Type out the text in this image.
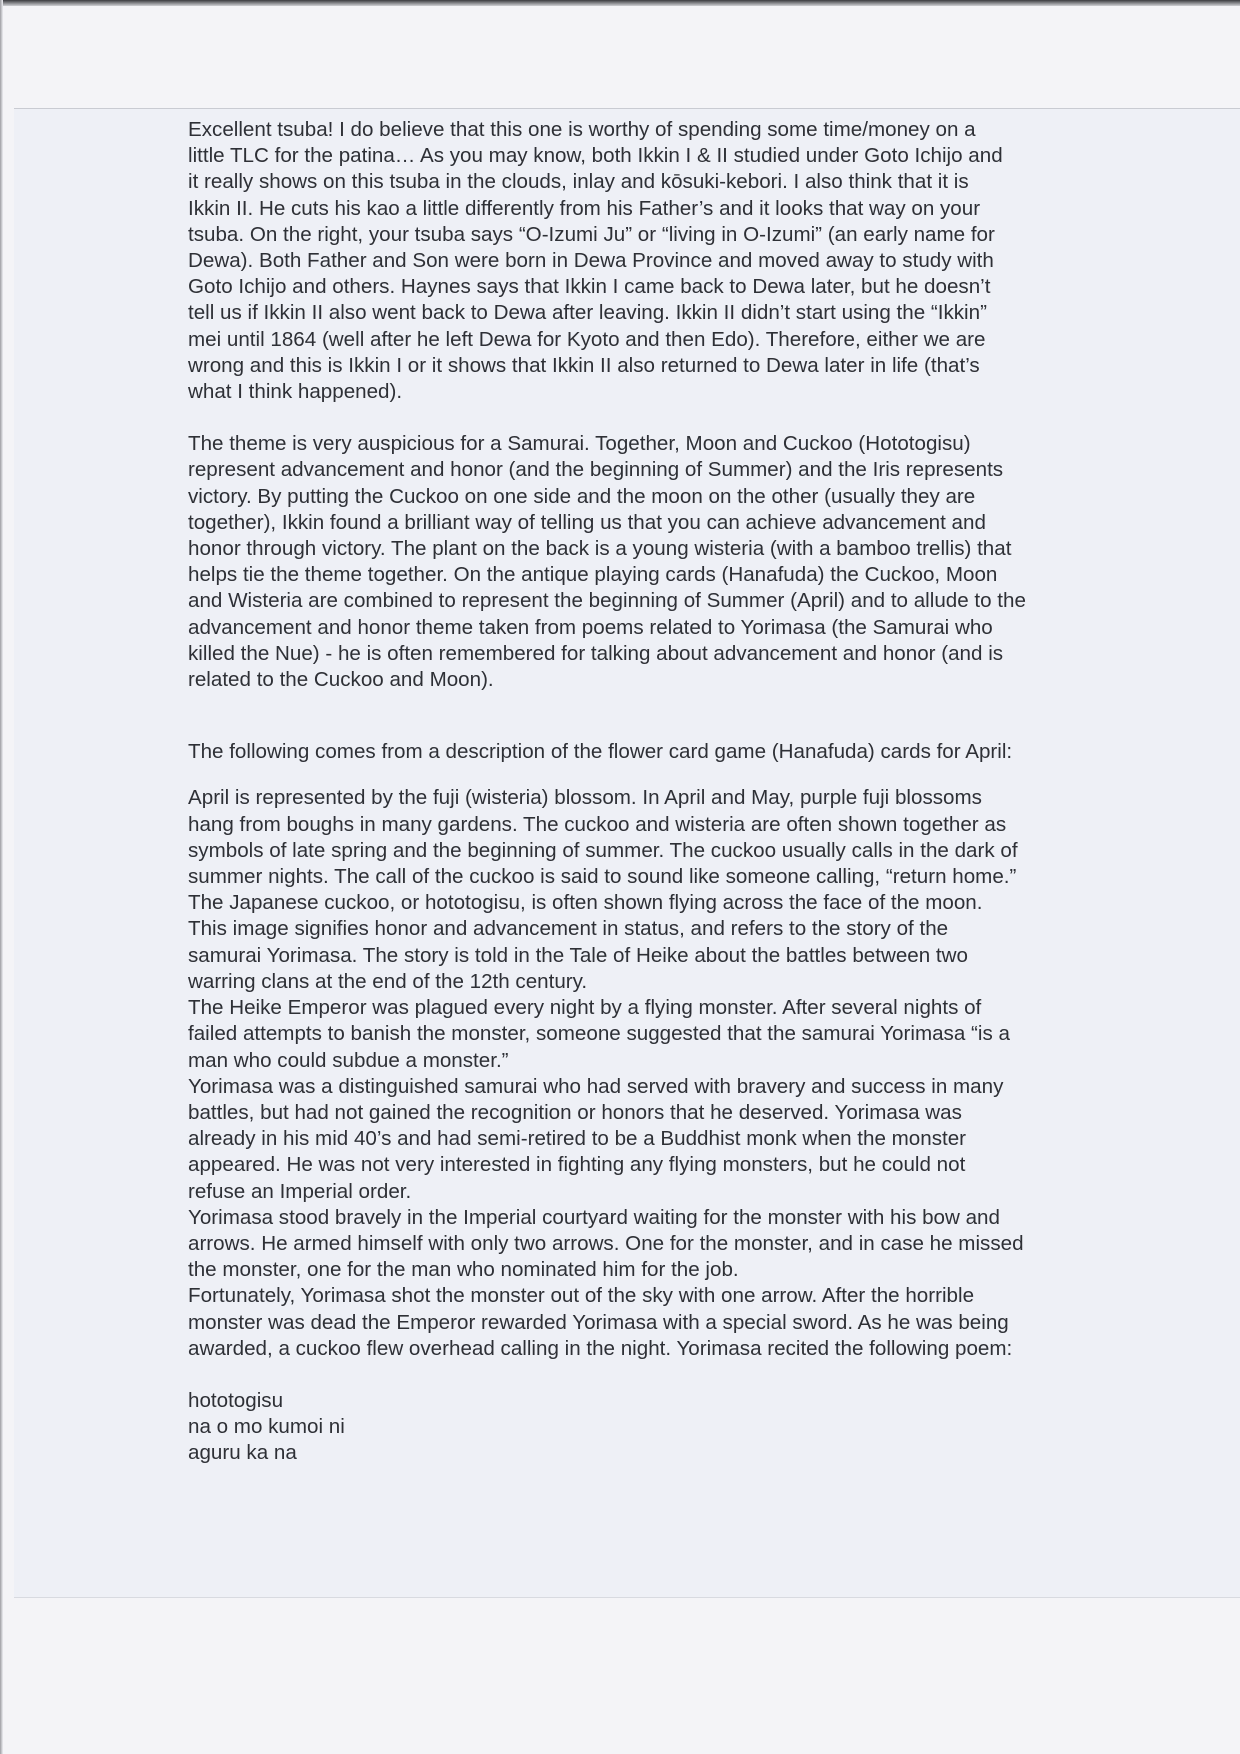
Excellent tsuba! I do believe that this one is worthy of spending some time/money on a

little TLC for the patina… As you may know, both Ikkin I & II studied under Goto Ichijo and

it really shows on this tsuba in the clouds, inlay and kōsuki-kebori. I also think that it is

Ikkin II. He cuts his kao a little differently from his Father’s and it looks that way on your

tsuba. On the right, your tsuba says “O-Izumi Ju” or “living in O-Izumi” (an early name for

Dewa). Both Father and Son were born in Dewa Province and moved away to study with

Goto Ichijo and others. Haynes says that Ikkin I came back to Dewa later, but he doesn’t

tell us if Ikkin II also went back to Dewa after leaving. Ikkin II didn’t start using the “Ikkin”

mei until 1864 (well after he left Dewa for Kyoto and then Edo). Therefore, either we are

wrong and this is Ikkin I or it shows that Ikkin II also returned to Dewa later in life (that’s

what I think happened).

The theme is very auspicious for a Samurai. Together, Moon and Cuckoo (Hototogisu)

represent advancement and honor (and the beginning of Summer) and the Iris represents

victory. By putting the Cuckoo on one side and the moon on the other (usually they are

together), Ikkin found a brilliant way of telling us that you can achieve advancement and

honor through victory. The plant on the back is a young wisteria (with a bamboo trellis) that

helps tie the theme together. On the antique playing cards (Hanafuda) the Cuckoo, Moon

and Wisteria are combined to represent the beginning of Summer (April) and to allude to the

advancement and honor theme taken from poems related to Yorimasa (the Samurai who

killed the Nue) - he is often remembered for talking about advancement and honor (and is

related to the Cuckoo and Moon).

The following comes from a description of the flower card game (Hanafuda) cards for April:

April is represented by the fuji (wisteria) blossom. In April and May, purple fuji blossoms

hang from boughs in many gardens. The cuckoo and wisteria are often shown together as

symbols of late spring and the beginning of summer. The cuckoo usually calls in the dark of

summer nights. The call of the cuckoo is said to sound like someone calling, “return home.”

The Japanese cuckoo, or hototogisu, is often shown flying across the face of the moon.

This image signifies honor and advancement in status, and refers to the story of the

samurai Yorimasa. The story is told in the Tale of Heike about the battles between two

warring clans at the end of the 12th century.

The Heike Emperor was plagued every night by a flying monster. After several nights of

failed attempts to banish the monster, someone suggested that the samurai Yorimasa “is a

man who could subdue a monster.”

Yorimasa was a distinguished samurai who had served with bravery and success in many

battles, but had not gained the recognition or honors that he deserved. Yorimasa was

already in his mid 40’s and had semi-retired to be a Buddhist monk when the monster

appeared. He was not very interested in fighting any flying monsters, but he could not

refuse an Imperial order.

Yorimasa stood bravely in the Imperial courtyard waiting for the monster with his bow and

arrows. He armed himself with only two arrows. One for the monster, and in case he missed

the monster, one for the man who nominated him for the job.

Fortunately, Yorimasa shot the monster out of the sky with one arrow. After the horrible

monster was dead the Emperor rewarded Yorimasa with a special sword. As he was being

awarded, a cuckoo flew overhead calling in the night. Yorimasa recited the following poem:

hototogisu

na o mo kumoi ni

aguru ka na
